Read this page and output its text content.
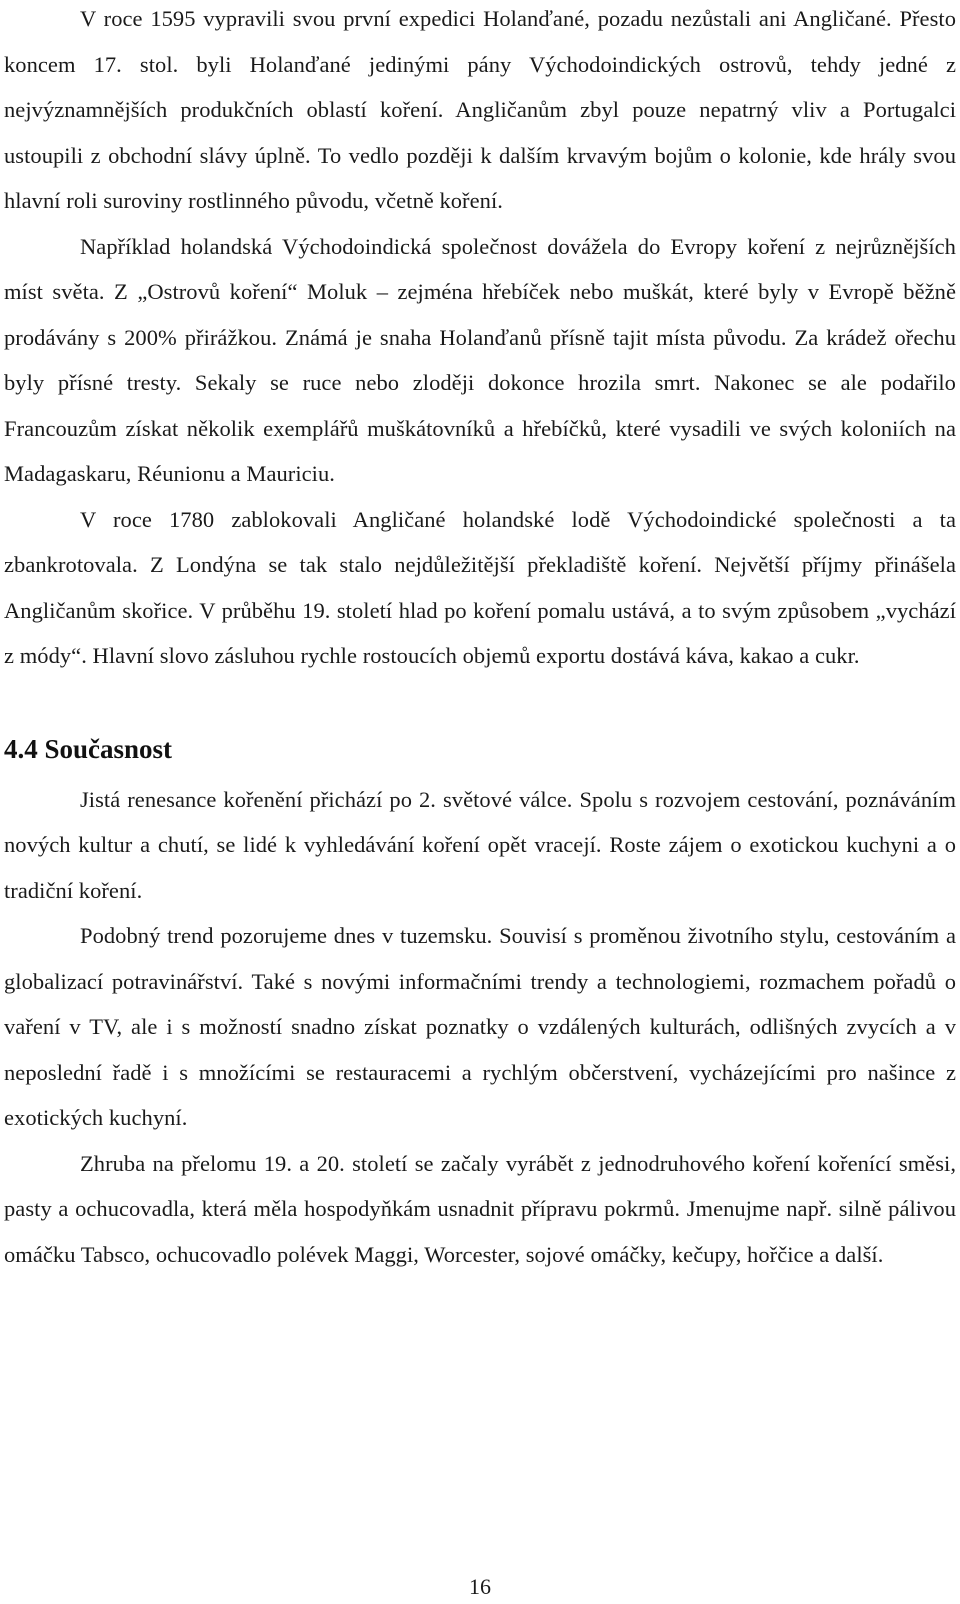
V roce 1595 vypravili svou první expedici Holanďané, pozadu nezůstali ani Angličané. Přesto koncem 17. stol. byli Holanďané jedinými pány Východoindických ostrovů, tehdy jedné z nejvýznamnějších produkčních oblastí koření. Angličanům zbyl pouze nepatrný vliv a Portugalci ustoupili z obchodní slávy úplně. To vedlo později k dalším krvavým bojům o kolonie, kde hrály svou hlavní roli suroviny rostlinného původu, včetně koření.

Například holandská Východoindická společnost dovážela do Evropy koření z nejrůznějších míst světa. Z „Ostrovů koření“ Moluk – zejména hřebíček nebo muškát, které byly v Evropě běžně prodávány s 200% přirážkou. Známá je snaha Holanďanů přísně tajit místa původu. Za krádež ořechu byly přísné tresty. Sekaly se ruce nebo zloději dokonce hrozila smrt. Nakonec se ale podařilo Francouzům získat několik exemplářů muškátovníků a hřebíčků, které vysadili ve svých koloniích na Madagaskaru, Réunionu a Mauriciu.

V roce 1780 zablokovali Angličané holandské lodě Východoindické společnosti a ta zbankrotovala. Z Londýna se tak stalo nejdůležitější překladiště koření. Největší příjmy přinášela Angličanům skořice. V průběhu 19. století hlad po koření pomalu ustává, a to svým způsobem „vychází z módy“. Hlavní slovo zásluhou rychle rostoucích objemů exportu dostává káva, kakao a cukr.

4.4 Současnost

Jistá renesance kořenění přichází po 2. světové válce. Spolu s rozvojem cestování, poznáváním nových kultur a chutí, se lidé k vyhledávání koření opět vracejí. Roste zájem o exotickou kuchyni a o tradiční koření.

Podobný trend pozorujeme dnes v tuzemsku. Souvisí s proměnou životního stylu, cestováním a globalizací potravinářství. Také s novými informačními trendy a technologiemi, rozmachem pořadů o vaření v TV, ale i s možností snadno získat poznatky o vzdálených kulturách, odlišných zvycích a v neposlední řadě i s množícími se restauracemi a rychlým občerstvení, vycházejícími pro našince z exotických kuchyní.

Zhruba na přelomu 19. a 20. století se začaly vyrábět z jednodruhového koření kořenící směsi, pasty a ochucovadla, která měla hospodyňkám usnadnit přípravu pokrmů. Jmenujme např. silně pálivou omáčku Tabsco, ochucovadlo polévek Maggi, Worcester, sojové omáčky, kečupy, hořčice a další.

16
